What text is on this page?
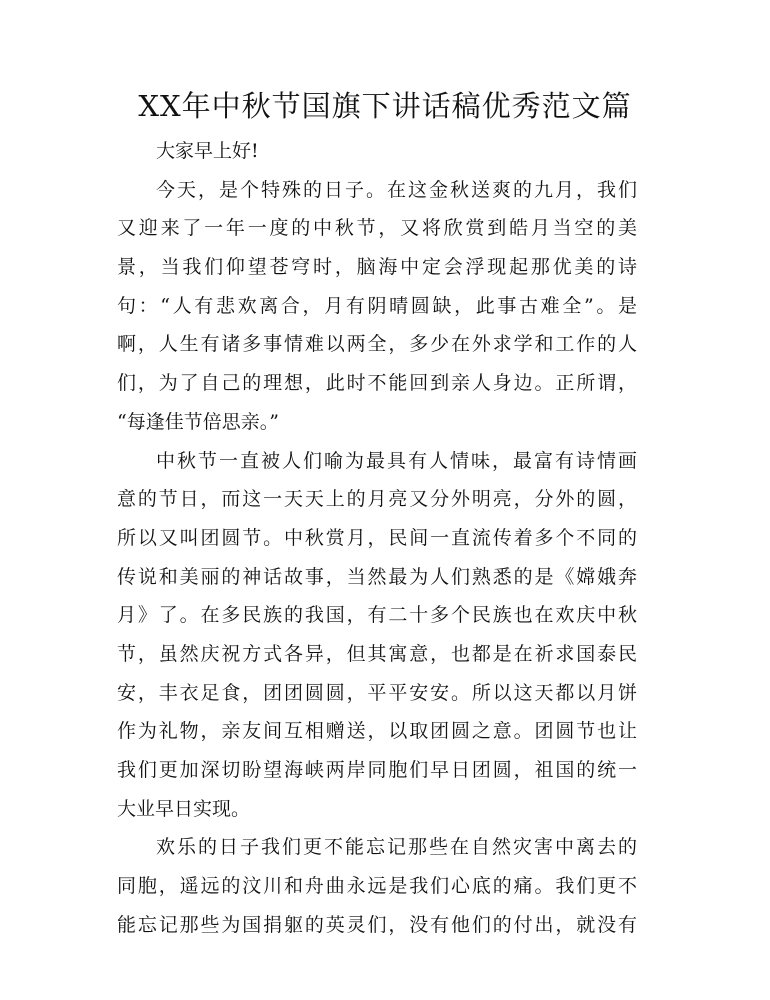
XX年中秋节国旗下讲话稿优秀范文篇
大家早上好!
今天，是个特殊的日子。在这金秋送爽的九月，我们
又迎来了一年一度的中秋节，又将欣赏到皓月当空的美
景，当我们仰望苍穹时，脑海中定会浮现起那优美的诗
句：“人有悲欢离合，月有阴晴圆缺，此事古难全”。是
啊，人生有诸多事情难以两全，多少在外求学和工作的人
们，为了自己的理想，此时不能回到亲人身边。正所谓，
“每逢佳节倍思亲。”
中秋节一直被人们喻为最具有人情味，最富有诗情画
意的节日，而这一天天上的月亮又分外明亮，分外的圆，
所以又叫团圆节。中秋赏月，民间一直流传着多个不同的
传说和美丽的神话故事，当然最为人们熟悉的是《嫦娥奔
月》了。在多民族的我国，有二十多个民族也在欢庆中秋
节，虽然庆祝方式各异，但其寓意，也都是在祈求国泰民
安，丰衣足食，团团圆圆，平平安安。所以这天都以月饼
作为礼物，亲友间互相赠送，以取团圆之意。团圆节也让
我们更加深切盼望海峡两岸同胞们早日团圆，祖国的统一
大业早日实现。
欢乐的日子我们更不能忘记那些在自然灾害中离去的
同胞，遥远的汶川和舟曲永远是我们心底的痛。我们更不
能忘记那些为国捐躯的英灵们，没有他们的付出，就没有
